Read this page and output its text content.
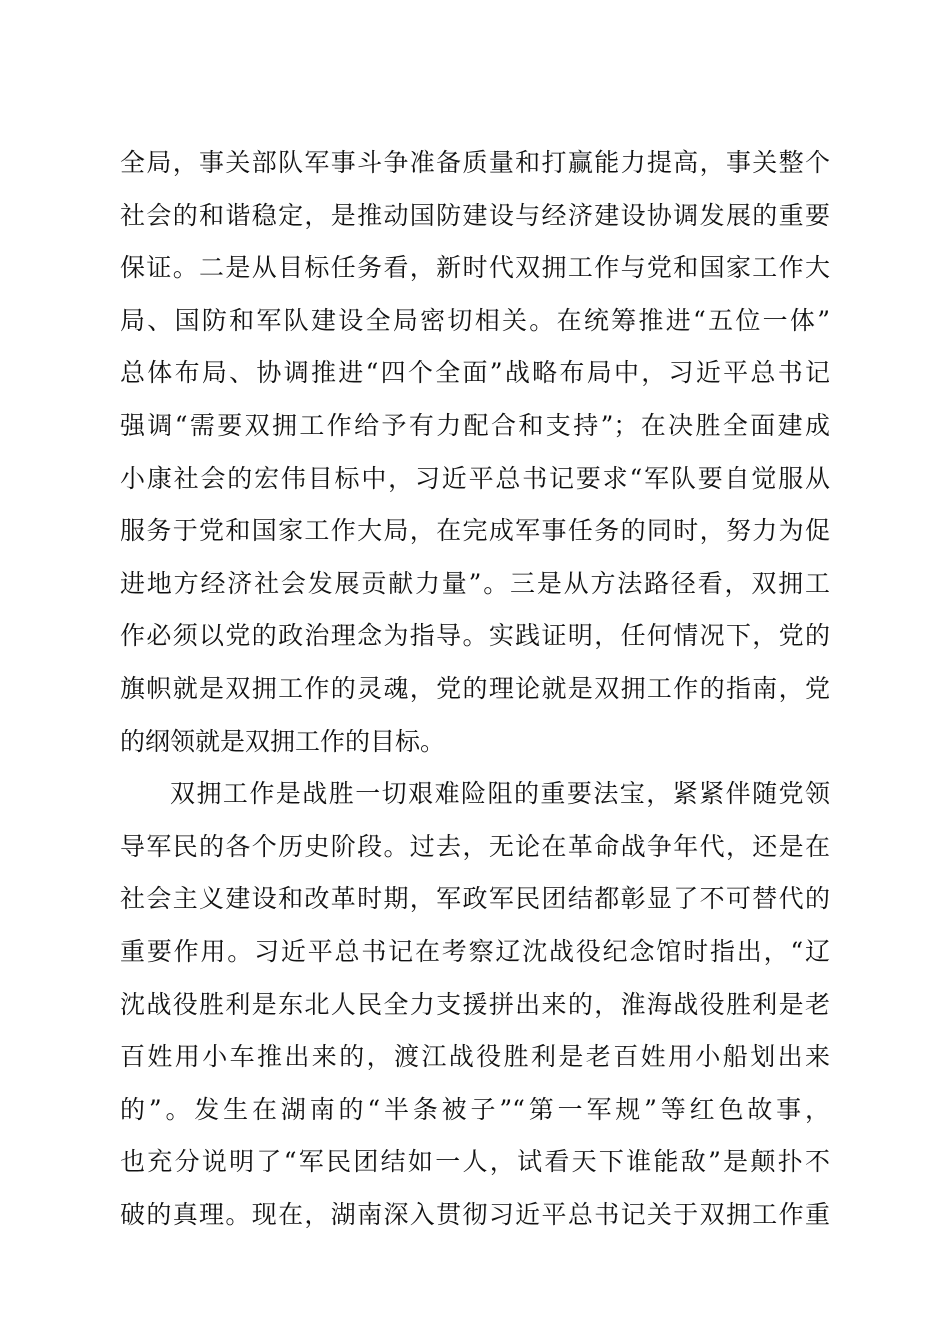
全局，事关部队军事斗争准备质量和打赢能力提高，事关整个
社会的和谐稳定，是推动国防建设与经济建设协调发展的重要
保证。二是从目标任务看，新时代双拥工作与党和国家工作大
局、国防和军队建设全局密切相关。在统筹推进“五位一体”
总体布局、协调推进“四个全面”战略布局中，习近平总书记
强调“需要双拥工作给予有力配合和支持”；在决胜全面建成
小康社会的宏伟目标中，习近平总书记要求“军队要自觉服从
服务于党和国家工作大局，在完成军事任务的同时，努力为促
进地方经济社会发展贡献力量”。三是从方法路径看，双拥工
作必须以党的政治理念为指导。实践证明，任何情况下，党的
旗帜就是双拥工作的灵魂，党的理论就是双拥工作的指南，党
的纲领就是双拥工作的目标。
双拥工作是战胜一切艰难险阻的重要法宝，紧紧伴随党领
导军民的各个历史阶段。过去，无论在革命战争年代，还是在
社会主义建设和改革时期，军政军民团结都彰显了不可替代的
重要作用。习近平总书记在考察辽沈战役纪念馆时指出，“辽
沈战役胜利是东北人民全力支援拼出来的，淮海战役胜利是老
百姓用小车推出来的，渡江战役胜利是老百姓用小船划出来
的”。发生在湖南的“半条被子”“第一军规”等红色故事，
也充分说明了“军民团结如一人，试看天下谁能敌”是颠扑不
破的真理。现在，湖南深入贯彻习近平总书记关于双拥工作重
